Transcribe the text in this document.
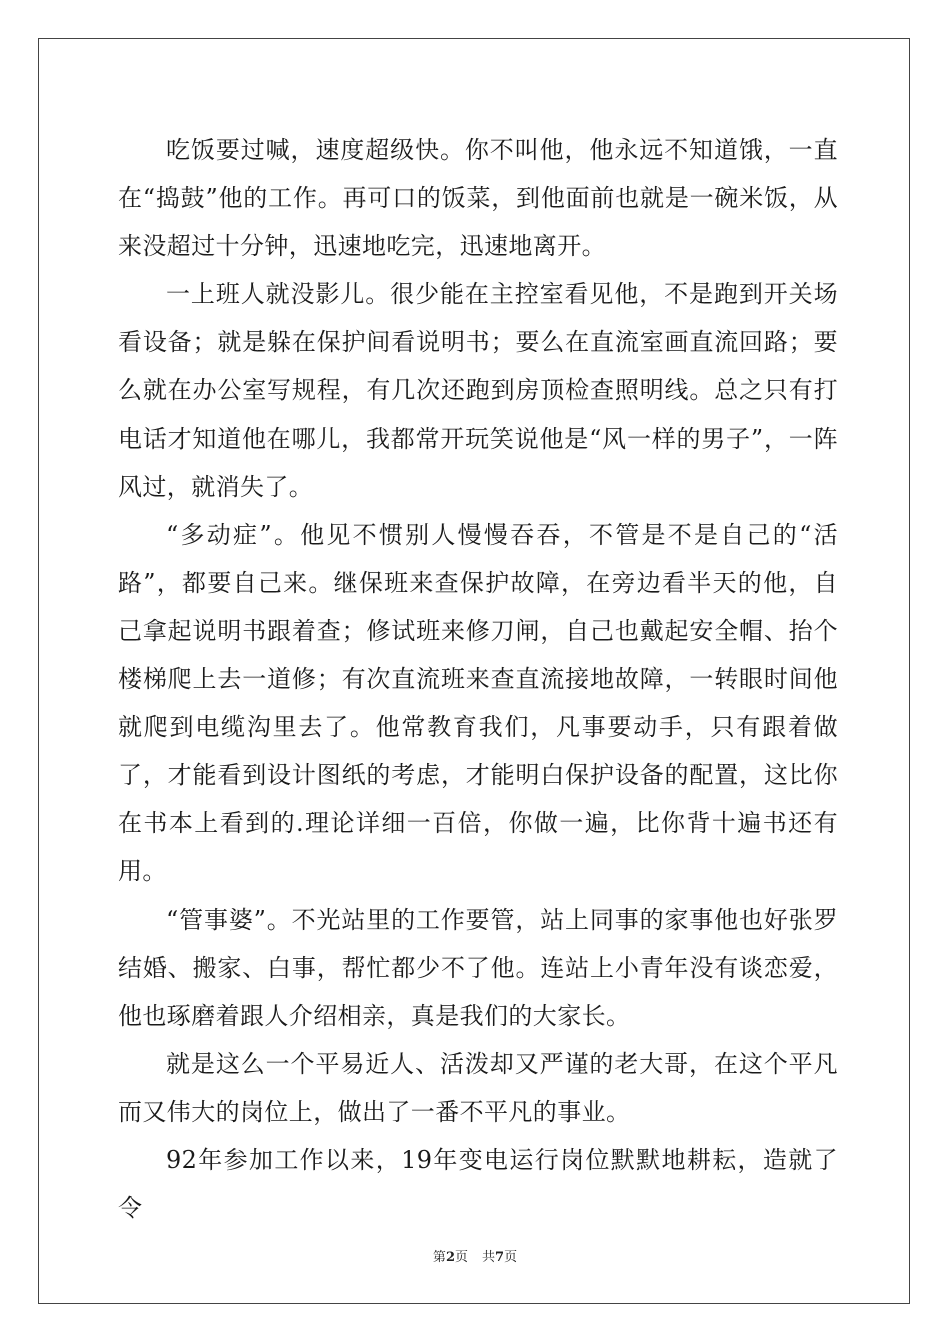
吃饭要过喊，速度超级快。你不叫他，他永远不知道饿，一直在“捣鼓”他的工作。再可口的饭菜，到他面前也就是一碗米饭，从来没超过十分钟，迅速地吃完，迅速地离开。

一上班人就没影儿。很少能在主控室看见他，不是跑到开关场看设备；就是躲在保护间看说明书；要么在直流室画直流回路；要么就在办公室写规程，有几次还跑到房顶检查照明线。总之只有打电话才知道他在哪儿，我都常开玩笑说他是“风一样的男子”，一阵风过，就消失了。

“多动症”。他见不惯别人慢慢吞吞，不管是不是自己的“活路”，都要自己来。继保班来查保护故障，在旁边看半天的他，自己拿起说明书跟着查；修试班来修刀闸，自己也戴起安全帽、抬个楼梯爬上去一道修；有次直流班来查直流接地故障，一转眼时间他就爬到电缆沟里去了。他常教育我们，凡事要动手，只有跟着做了，才能看到设计图纸的考虑，才能明白保护设备的配置，这比你在书本上看到的.理论详细一百倍，你做一遍，比你背十遍书还有用。

“管事婆”。不光站里的工作要管，站上同事的家事他也好张罗结婚、搬家、白事，帮忙都少不了他。连站上小青年没有谈恋爱，他也琢磨着跟人介绍相亲，真是我们的大家长。

就是这么一个平易近人、活泼却又严谨的老大哥，在这个平凡而又伟大的岗位上，做出了一番不平凡的事业。

92年参加工作以来，19年变电运行岗位默默地耕耘，造就了令

第2页 共7页
